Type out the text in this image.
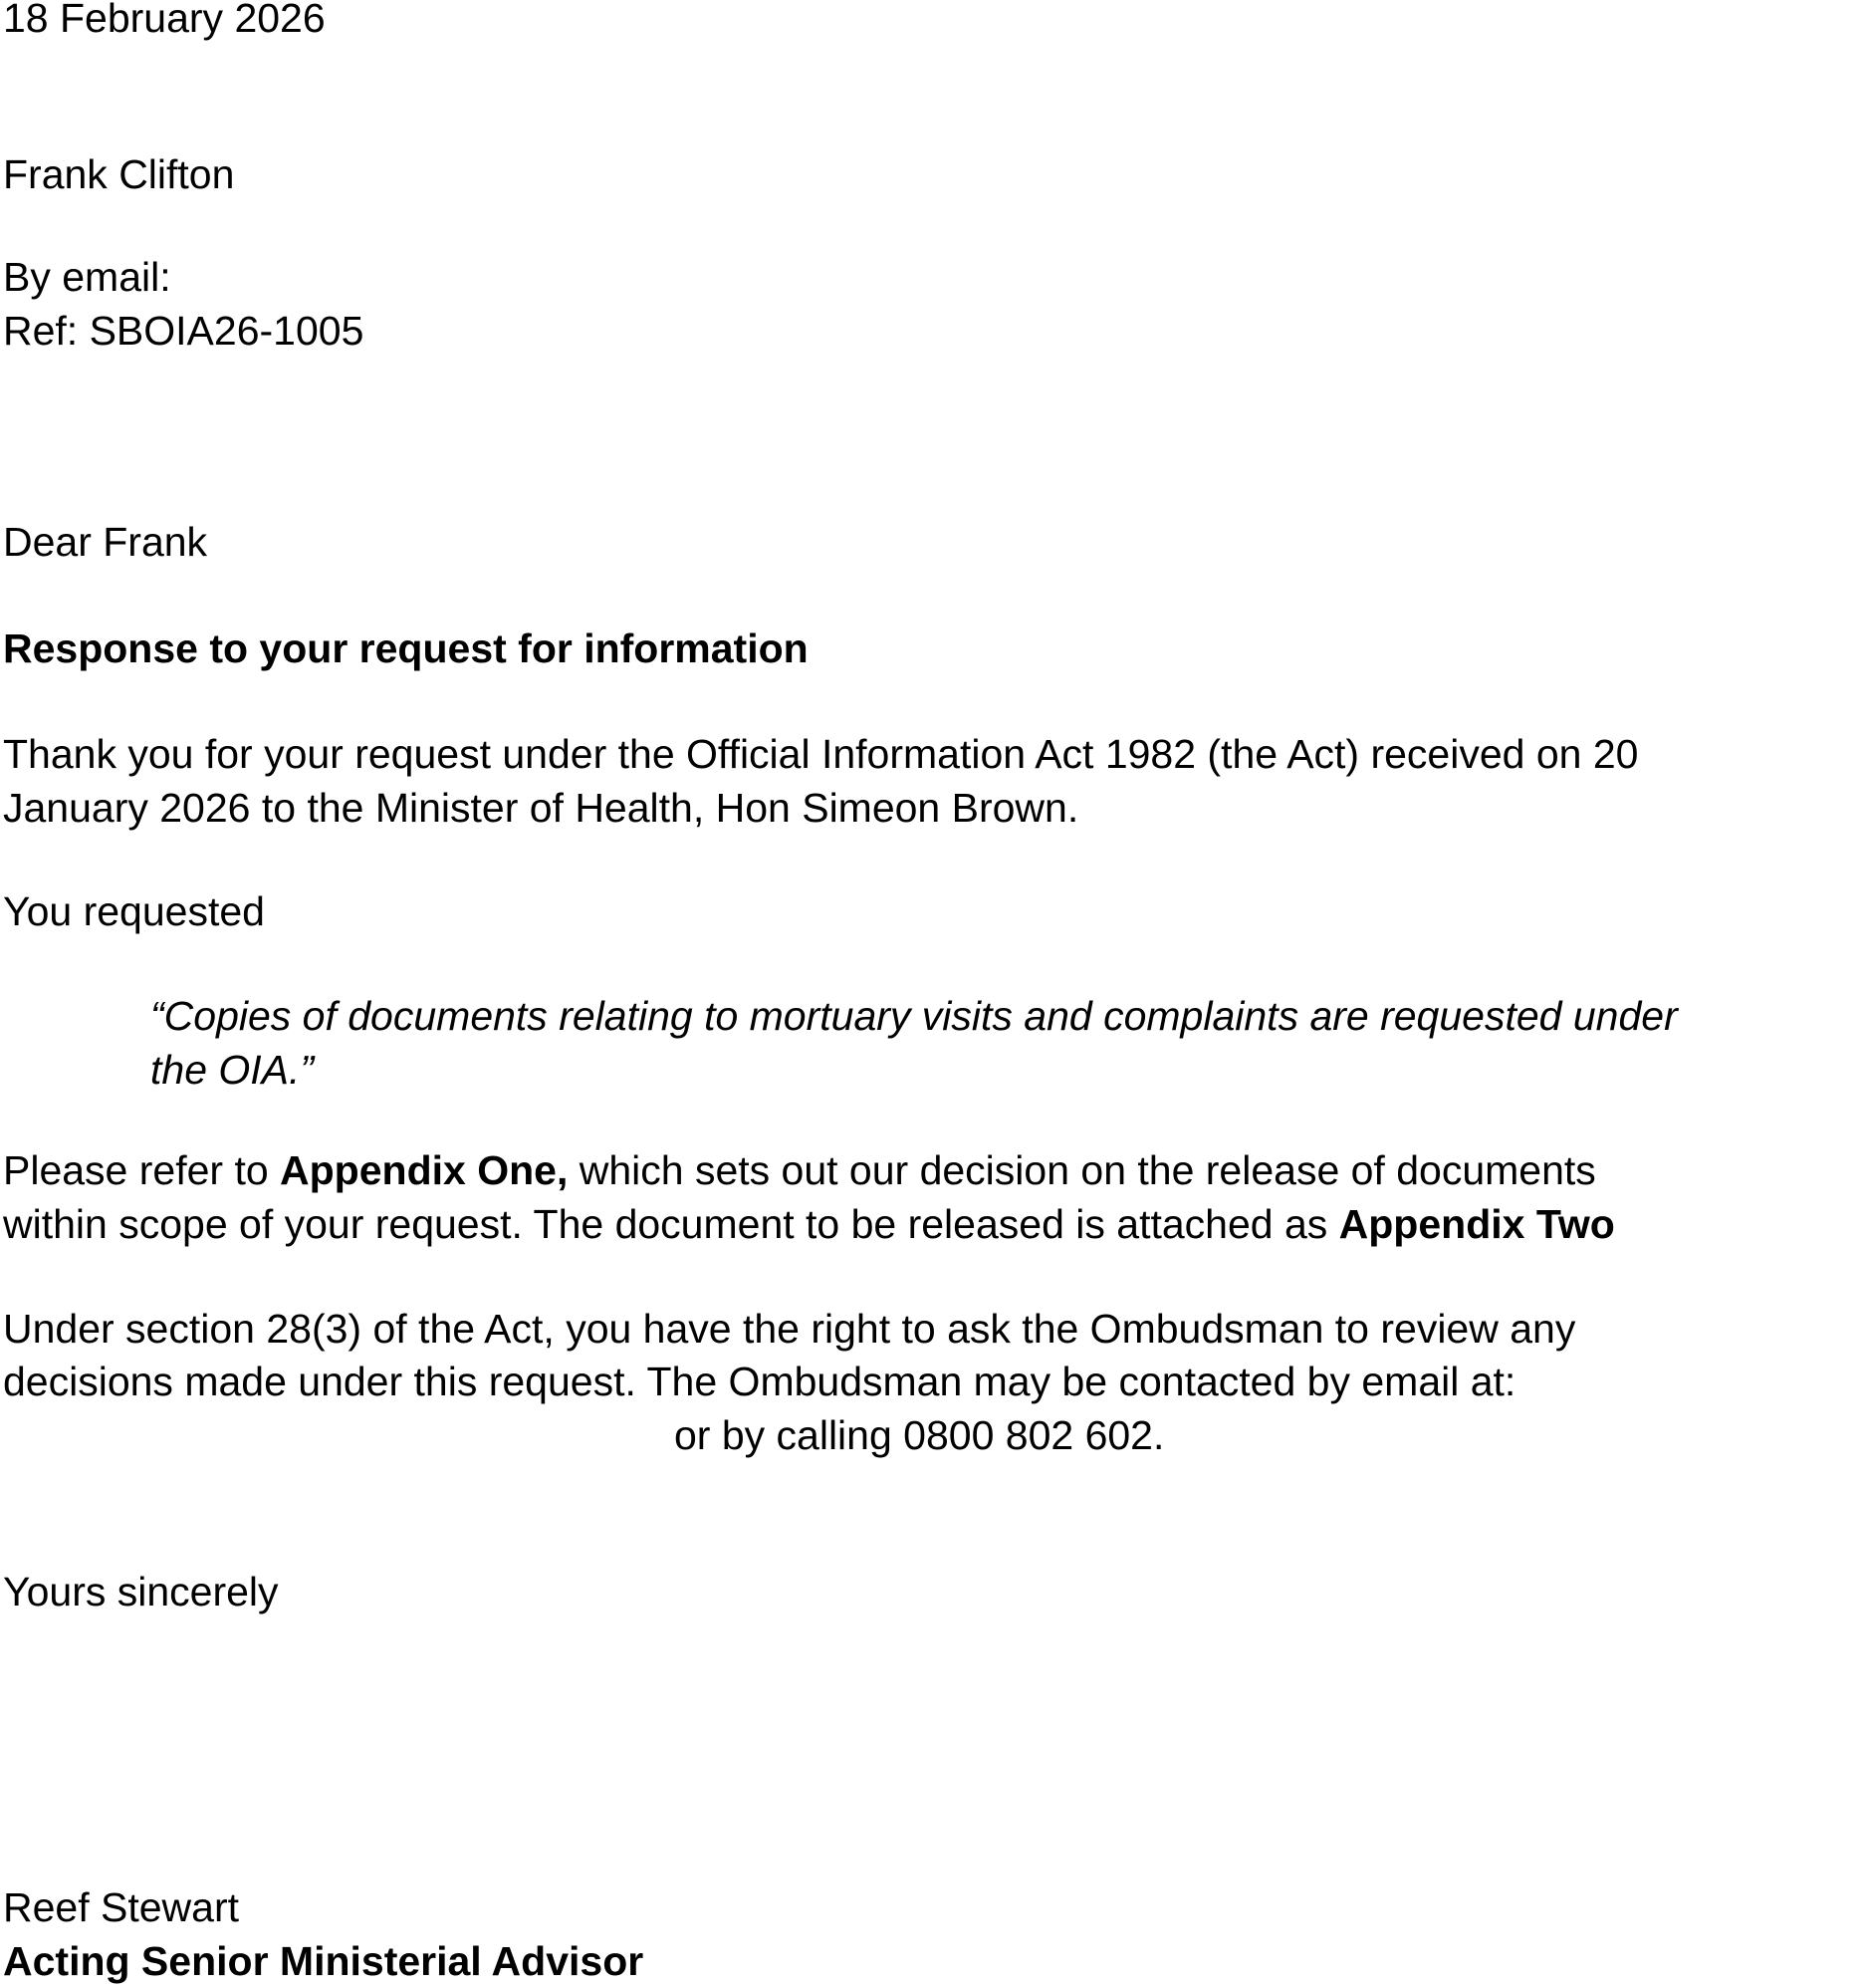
18 February 2026

Frank Clifton

By email:

Ref: SBOIA26-1005

Dear Frank

Response to your request for information

Thank you for your request under the Official Information Act 1982 (the Act) received on 20

January 2026 to the Minister of Health, Hon Simeon Brown.

You requested

“Copies of documents relating to mortuary visits and complaints are requested under

the OIA.”

Please refer to Appendix One, which sets out our decision on the release of documents

within scope of your request. The document to be released is attached as Appendix Two

Under section 28(3) of the Act, you have the right to ask the Ombudsman to review any

decisions made under this request. The Ombudsman may be contacted by email at:

or by calling 0800 802 602.

Yours sincerely

Reef Stewart

Acting Senior Ministerial Advisor
